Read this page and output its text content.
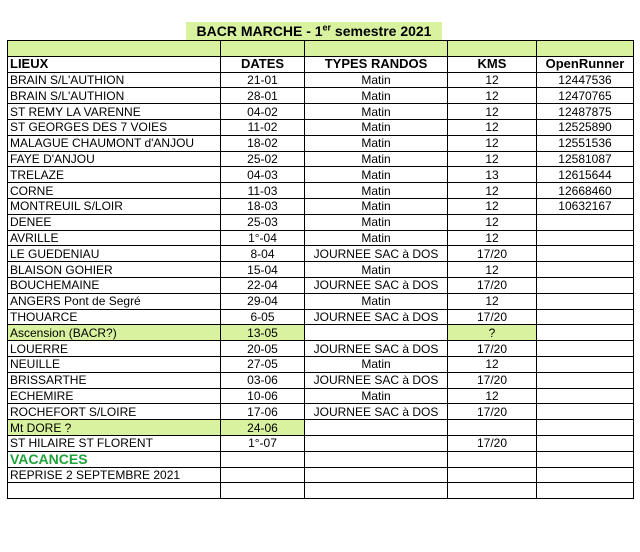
BACR MARCHE - 1er semestre 2021

LIEUX	DATES	TYPES RANDOS	KMS	OpenRunner
BRAIN S/L'AUTHION	21-01	Matin	12	12447536
BRAIN S/L'AUTHION	28-01	Matin	12	12470765
ST REMY LA VARENNE	04-02	Matin	12	12487875
ST GEORGES DES 7 VOIES	11-02	Matin	12	12525890
MALAGUE CHAUMONT d'ANJOU	18-02	Matin	12	12551536
FAYE D'ANJOU	25-02	Matin	12	12581087
TRELAZE	04-03	Matin	13	12615644
CORNE	11-03	Matin	12	12668460
MONTREUIL S/LOIR	18-03	Matin	12	10632167
DENEE	25-03	Matin	12	
AVRILLE	1°-04	Matin	12	
LE GUEDENIAU	8-04	JOURNEE SAC à DOS	17/20	
BLAISON GOHIER	15-04	Matin	12	
BOUCHEMAINE	22-04	JOURNEE SAC à DOS	17/20	
ANGERS Pont de Segré	29-04	Matin	12	
THOUARCE	6-05	JOURNEE SAC à DOS	17/20	
Ascension (BACR?)	13-05		?	
LOUERRE	20-05	JOURNEE SAC à DOS	17/20	
NEUILLE	27-05	Matin	12	
BRISSARTHE	03-06	JOURNEE SAC à DOS	17/20	
ECHEMIRE	10-06	Matin	12	
ROCHEFORT S/LOIRE	17-06	JOURNEE SAC à DOS	17/20	
Mt DORE ?	24-06			
ST HILAIRE ST FLORENT	1°-07		17/20	
VACANCES				
REPRISE 2 SEPTEMBRE 2021				
